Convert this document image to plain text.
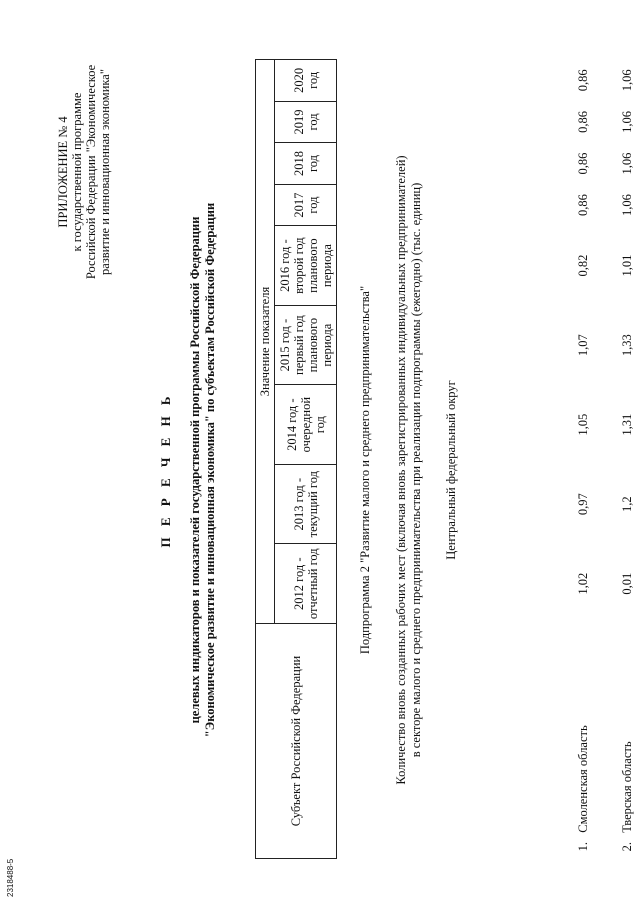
ПРИЛОЖЕНИЕ № 4 к государственной программе Российской Федерации "Экономическое развитие и инновационная экономика"
П Е Р Е Ч Е Н Ь целевых индикаторов и показателей государственной программы Российской Федерации "Экономическое развитие и инновационная экономика" по субъектам Российской Федерации
Субъект Российской Федерации		Значение показателя								
		2012 год - отчетный год	2013 год - текущий год	2014 год - очередной год	2015 год - первый год планового периода	2016 год - второй год планового периода	2017 год	2018 год	2019 год	2020 год

1.	Смоленская область	1,02	0,97	1,05	1,07	0,82	0,86	0,86	0,86	0,86
2.	Тверская область	0,01	1,2	1,31	1,33	1,01	1,06	1,06	1,06	1,06
Подпрограмма 2 "Развитие малого и среднего предпринимательства" Количество вновь созданных рабочих мест (включая вновь зарегистрированных индивидуальных предпринимателей) в секторе малого и среднего предпринимательства при реализации подпрограммы (ежегодно) (тыс. единиц) Центральный федеральный округ
2318488-5
